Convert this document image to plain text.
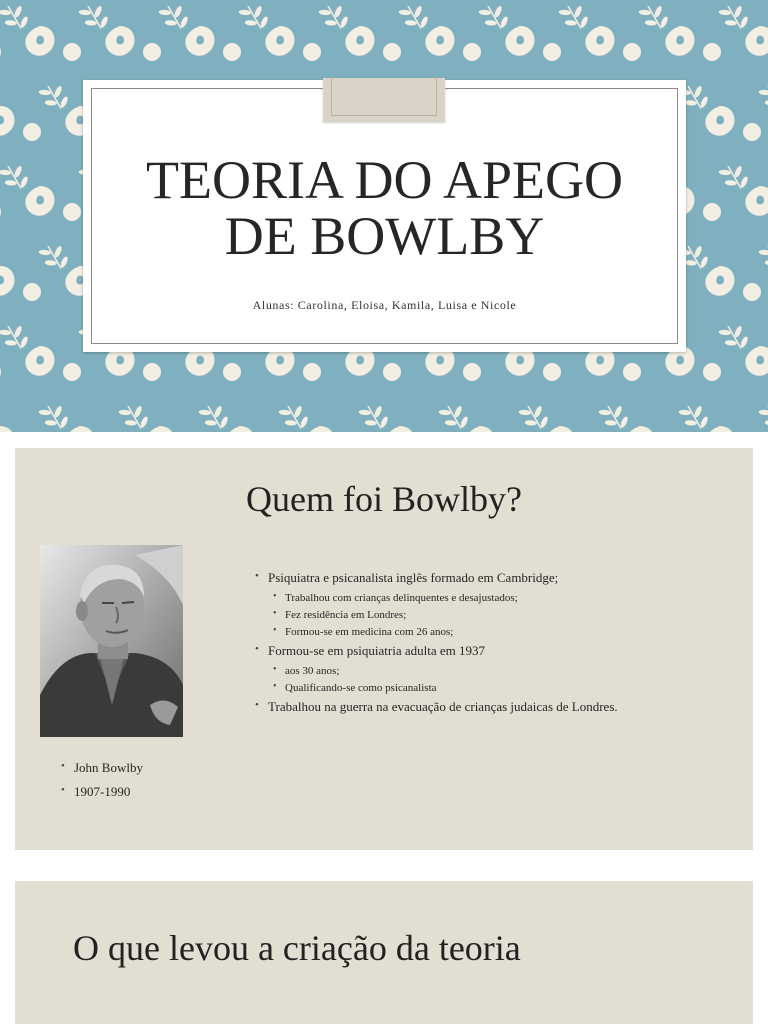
TEORIA DO APEGO
DE BOWLBY
Alunas: Carolina, Eloisa, Kamila, Luisa e Nicole
Quem foi Bowlby?
• Psiquiatra e psicanalista inglês formado em Cambridge;
• Trabalhou com crianças delinquentes e desajustados;
• Fez residência em Londres;
• Formou-se em medicina com 26 anos;
• Formou-se em psiquiatria adulta em 1937
• aos 30 anos;
• Qualificando-se como psicanalista
• Trabalhou na guerra na evacuação de crianças judaicas de Londres.
• John Bowlby
• 1907-1990
O que levou a criação da teoria
